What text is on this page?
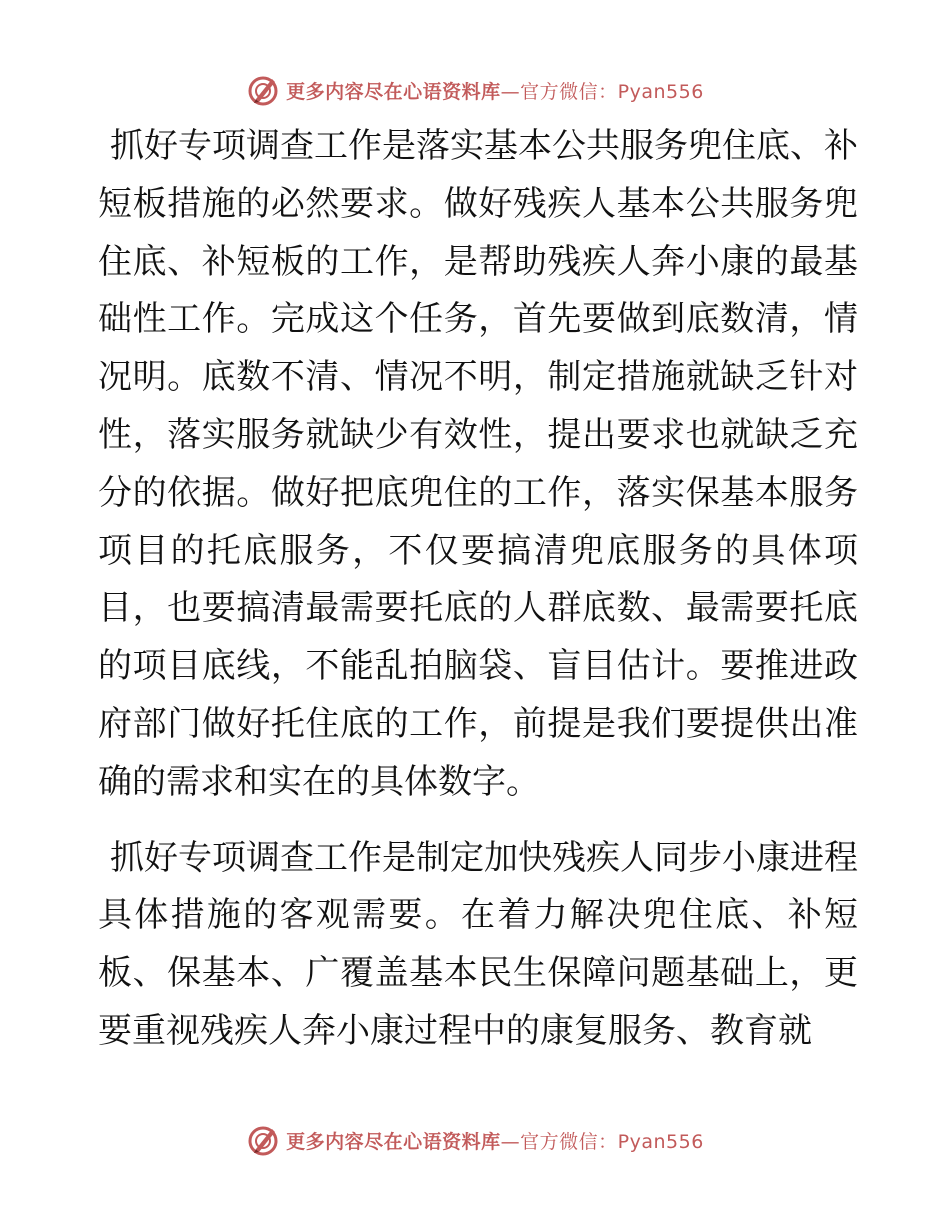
更多内容尽在心语资料库—官方微信：Pyan556

抓好专项调查工作是落实基本公共服务兜住底、补短板措施的必然要求。做好残疾人基本公共服务兜住底、补短板的工作，是帮助残疾人奔小康的最基础性工作。完成这个任务，首先要做到底数清，情况明。底数不清、情况不明，制定措施就缺乏针对性，落实服务就缺少有效性，提出要求也就缺乏充分的依据。做好把底兜住的工作，落实保基本服务项目的托底服务，不仅要搞清兜底服务的具体项目，也要搞清最需要托底的人群底数、最需要托底的项目底线，不能乱拍脑袋、盲目估计。要推进政府部门做好托住底的工作，前提是我们要提供出准确的需求和实在的具体数字。

抓好专项调查工作是制定加快残疾人同步小康进程具体措施的客观需要。在着力解决兜住底、补短板、保基本、广覆盖基本民生保障问题基础上，更要重视残疾人奔小康过程中的康复服务、教育就

更多内容尽在心语资料库—官方微信：Pyan556
